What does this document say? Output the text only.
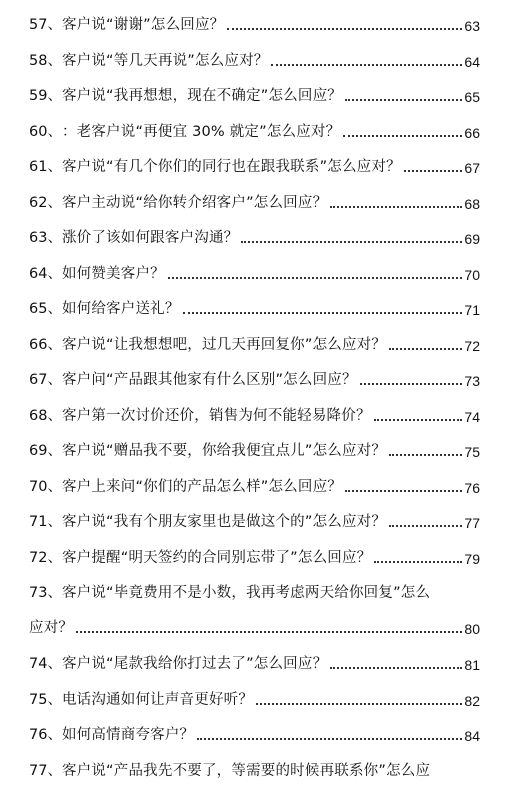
57、 客户说“谢谢”怎么回应？	63
58、 客户说“等几天再说”怎么应对？	64
59、 客户说“我再想想，现在不确定”怎么回应？	65
60、 ：老客户说“再便宜 30% 就定”怎么应对？	66
61、 客户说“有几个你们的同行也在跟我联系”怎么应对？	67
62、 客户主动说“给你转介绍客户”怎么回应？	68
63、 涨价了该如何跟客户沟通？	69
64、 如何赞美客户？	70
65、 如何给客户送礼？	71
66、 客户说“让我想想吧，过几天再回复你”怎么应对？	72
67、 客户问“产品跟其他家有什么区别”怎么回应？	73
68、 客户第一次讨价还价，销售为何不能轻易降价？	74
69、 客户说“赠品我不要，你给我便宜点儿”怎么应对？	75
70、 客户上来问“你们的产品怎么样”怎么回应？	76
71、 客户说“我有个朋友家里也是做这个的”怎么应对？	77
72、 客户提醒“明天签约的合同别忘带了”怎么回应？	79
73、 客户说“毕竟费用不是小数，我再考虑两天给你回复”怎么
应对？	80
74、 客户说“尾款我给你打过去了”怎么回应？	81
75、 电话沟通如何让声音更好听？	82
76、 如何高情商夸客户？	84
77、 客户说“产品我先不要了，等需要的时候再联系你”怎么应
